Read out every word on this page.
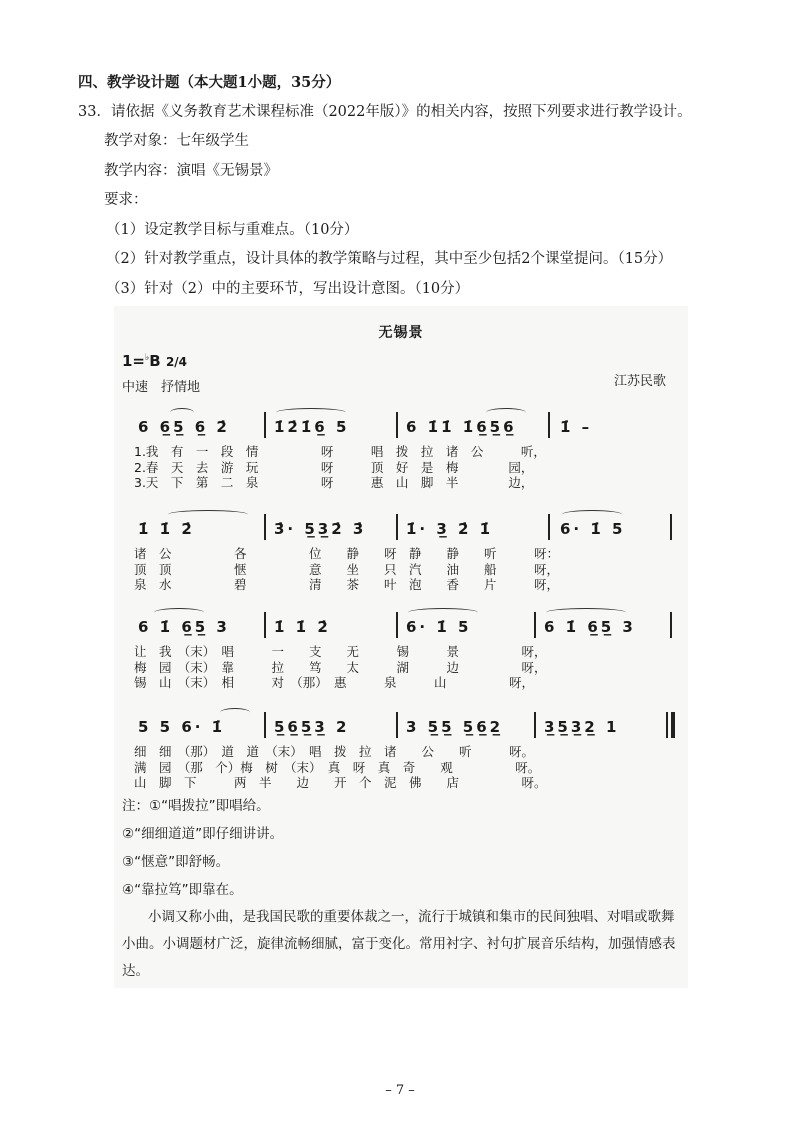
四、教学设计题（本大题1小题，35分）
33．请依据《义务教育艺术课程标准（2022年版）》的相关内容，按照下列要求进行教学设计。
教学对象：七年级学生
教学内容：演唱《无锡景》
要求：
（1）设定教学目标与重难点。（10分）
（2）针对教学重点，设计具体的教学策略与过程，其中至少包括2个课堂提问。（15分）
（3）针对（2）中的主要环节，写出设计意图。（10分）
无锡景
1=♭B 2/4
中速　抒情地	江苏民歌
6 6̲5̲ 6̲ 2̇	1̇2̇1̇6̲ 5	6 1̇1̇ 1̇6̲5̲6̲	1̇ –
1.我　有　一　段　情　　　　　呀　　　唱　拨　拉　诸　公　　　听，
2.春　天　去　游　玩　　　　　呀　　　顶　好　是　梅　　　　园，
3.天　下　第　二　泉　　　　　呀　　　惠　山　脚　半　　　　边，
1̇ 1̇ 2̇	3̇· 5̲3̲2̇ 3̇	1̇· 3̲ 2̇ 1̇	6· 1̇ 5
诸　公　　　　　各　　　　　位　　静　　呀　静　　静　　听　　　呀：
顶　顶　　　　　惬　　　　　意　　坐　　只　汽　　油　　船　　　呀，
泉　水　　　　　碧　　　　　清　　茶　　叶　泡　　香　　片　　　呀，
6 1̇ 6̲5̲ 3	1̇ 1̇ 2̇	6· 1̇ 5	6 1̇ 6̲5̲ 3
让　我　（末）　唱　　　一　　支　　无　　　锡　　　景　　　　　呀，
梅　园　（末）　靠　　　拉　　笃　　太　　　湖　　　边　　　　　呀，
锡　山　（末）　相　　　对　（那）　惠　　　泉　　　山　　　　　呀，
5 5 6· 1̇	5̲6̲5̲3̲ 2	3 5̲5̲ 5̲6̲2̲	3̲5̲3̲2̲ 1
细　细　（那）　道　道　（末）　唱　拨　拉　诸　　公　　听　　　呀。
满　园　（那　个）梅　树　（末）　真　呀　真　奇　　观　　　　　呀。
山　脚　下　　　两　半　　边　　开　个　泥　佛　　店　　　　　呀。
注：①“唱拨拉”即唱给。
②“细细道道”即仔细讲讲。
③“惬意”即舒畅。
④“靠拉笃”即靠在。
小调又称小曲，是我国民歌的重要体裁之一，流行于城镇和集市的民间独唱、对唱或歌舞小曲。小调题材广泛，旋律流畅细腻，富于变化。常用衬字、衬句扩展音乐结构，加强情感表达。
– 7 –
